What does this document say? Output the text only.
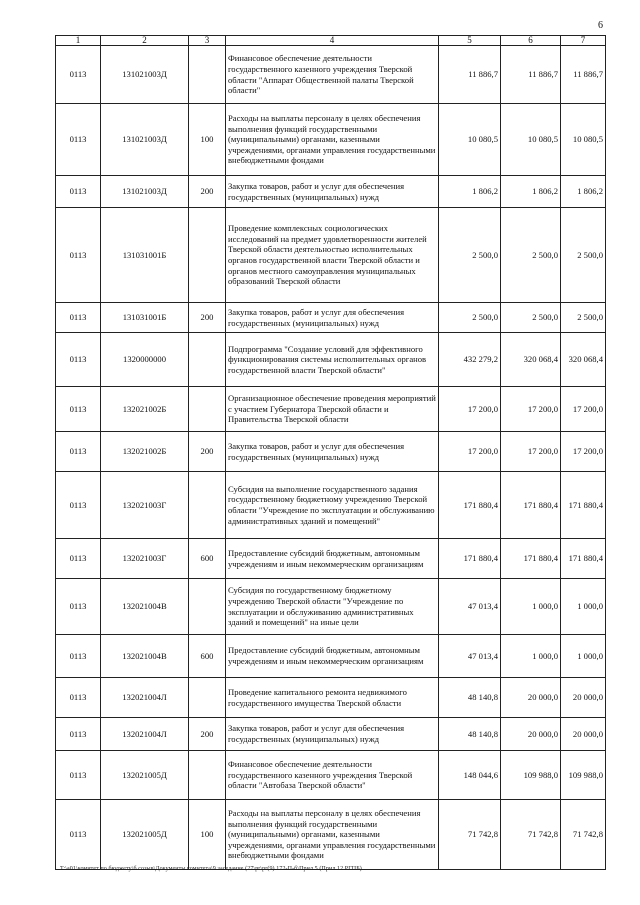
6
1	2	3	4	5	6	7
0113	131021003Д		Финансовое обеспечение деятельности государственного казенного учреждения Тверской области "Аппарат Общественной палаты Тверской области"	11 886,7	11 886,7	11 886,7
0113	131021003Д	100	Расходы на выплаты персоналу в целях обеспечения выполнения функций государственными (муниципальными) органами, казенными учреждениями, органами управления государственными внебюджетными фондами	10 080,5	10 080,5	10 080,5
0113	131021003Д	200	Закупка товаров, работ и услуг для обеспечения государственных (муниципальных) нужд	1 806,2	1 806,2	1 806,2
0113	131031001Б		Проведение комплексных социологических исследований на предмет удовлетворенности жителей Тверской области деятельностью исполнительных органов государственной власти Тверской области и органов местного самоуправления муниципальных образований Тверской области	2 500,0	2 500,0	2 500,0
0113	131031001Б	200	Закупка товаров, работ и услуг для обеспечения государственных (муниципальных) нужд	2 500,0	2 500,0	2 500,0
0113	1320000000		Подпрограмма "Создание условий для эффективного функционирования системы исполнительных органов государственной власти Тверской области"	432 279,2	320 068,4	320 068,4
0113	132021002Б		Организационное обеспечение проведения мероприятий с участием Губернатора Тверской области и Правительства Тверской области	17 200,0	17 200,0	17 200,0
0113	132021002Б	200	Закупка товаров, работ и услуг для обеспечения государственных (муниципальных) нужд	17 200,0	17 200,0	17 200,0
0113	132021003Г		Субсидия на выполнение государственного задания государственному бюджетному учреждению Тверской области "Учреждение по эксплуатации и обслуживанию административных зданий и помещений"	171 880,4	171 880,4	171 880,4
0113	132021003Г	600	Предоставление субсидий бюджетным, автономным учреждениям и иным некоммерческим организациям	171 880,4	171 880,4	171 880,4
0113	132021004В		Субсидия по государственному бюджетному учреждению Тверской области "Учреждение по эксплуатации и обслуживанию административных зданий и помещений" на иные цели	47 013,4	1 000,0	1 000,0
0113	132021004В	600	Предоставление субсидий бюджетным, автономным учреждениям и иным некоммерческим организациям	47 013,4	1 000,0	1 000,0
0113	132021004Л		Проведение капитального ремонта недвижимого государственного имущества Тверской области	48 140,8	20 000,0	20 000,0
0113	132021004Л	200	Закупка товаров, работ и услуг для обеспечения государственных (муниципальных) нужд	48 140,8	20 000,0	20 000,0
0113	132021005Д		Финансовое обеспечение деятельности государственного казенного учреждения Тверской области "Автобаза Тверской области"	148 044,6	109 988,0	109 988,0
0113	132021005Д	100	Расходы на выплаты персоналу в целях обеспечения выполнения функций государственными (муниципальными) органами, казенными учреждениями, органами управления государственными внебюджетными фондами	71 742,8	71 742,8	71 742,8
T:\a01\комитет по бюджету\б созыв\Документы комитета\9 заседание (27\pr\pr(9) 172-П-б\Прил 5 (Прил 12 РГПБ)
